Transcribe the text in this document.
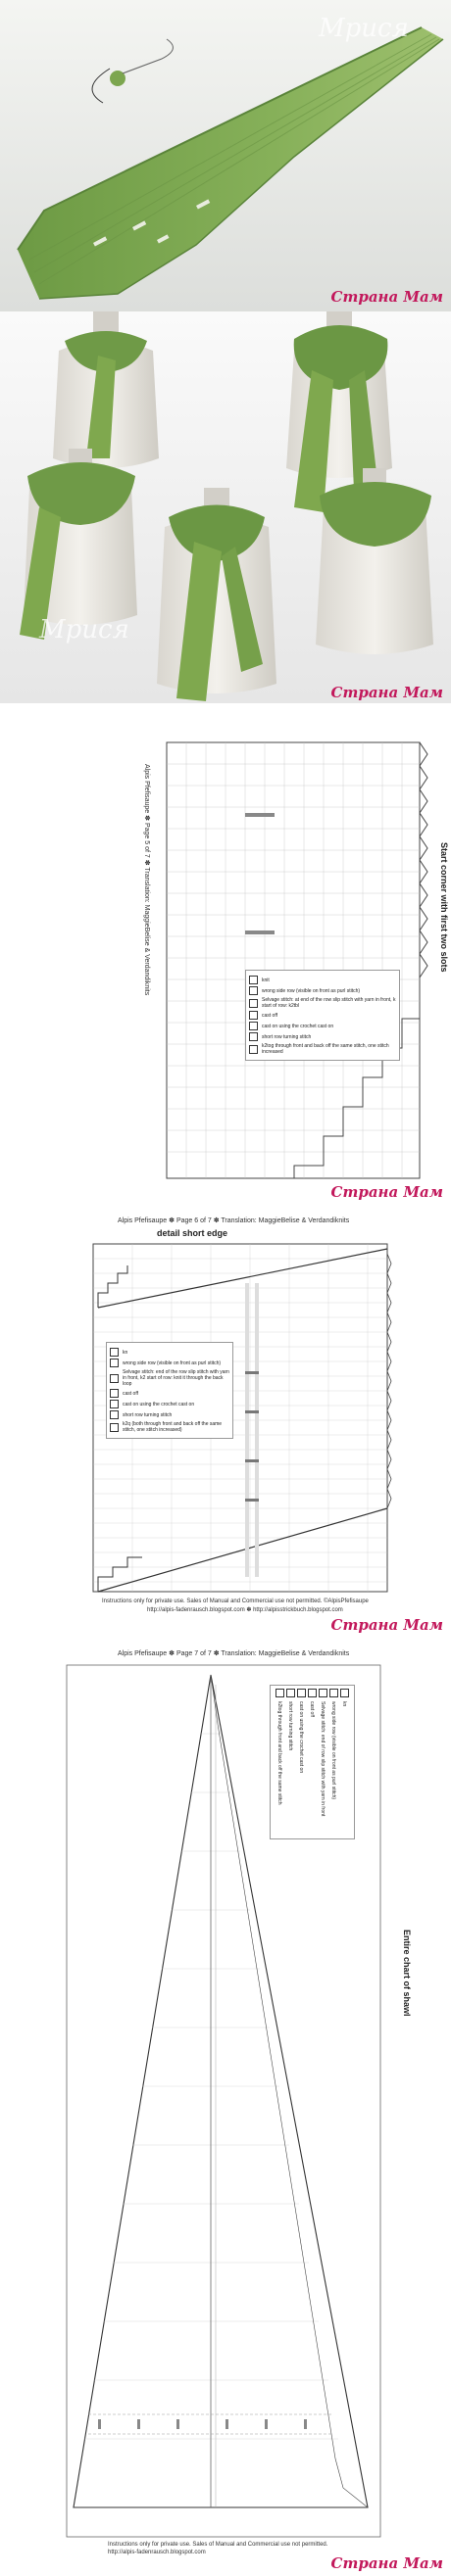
Мрися
Страна Мам
Мрися
Страна Мам
Alpis Pfefisaupe ✽ Page 5 of 7 ✽ Translation: MaggieBelise & Verdandiknits	Start corner with first two slots
knit
wrong side row (visible on front as purl stitch)
Selvage stitch: at end of the row slip stitch with yarn in front, k start of row: k2tbl
cast off
cast on using the crochet cast on
short row turning stitch
k2tog through front and back off the same stitch, one stitch increased
Страна Мам
Alpis Pfefisaupe ✽ Page 6 of 7 ✽ Translation: MaggieBelise & Verdandiknits
detail short edge
kn
wrong side row (visible on front as purl stitch)
Selvage stitch: end of the row slip stitch with yarn in front, k2 start of row: knit it through the back loop
cast off
cast on using the crochet cast on
short row turning stitch
k2q (both through front and back off the same stitch, one stitch increased)
Instructions only for private use. Sales of Manual and Commercial use not permitted. ©AlpisPfefisaupe
http://alpis-fadenrausch.blogspot.com ✽ http://alpisstrickbuch.blogspot.com
Страна Мам
Alpis Pfefisaupe ✽ Page 7 of 7 ✽ Translation: MaggieBelise & Verdandiknits
kn
wrong side row (visible on front as purl stitch)
Selvage stitch: end of row slip stitch with yarn in front
cast off
cast on using the crochet cast on
short row turning stitch
k2tog through front and back off the same stitch
Entire chart of shawl
Instructions only for private use. Sales of Manual and Commercial use not permitted.
http://alpis-fadenrausch.blogspot.com
Страна Мам
